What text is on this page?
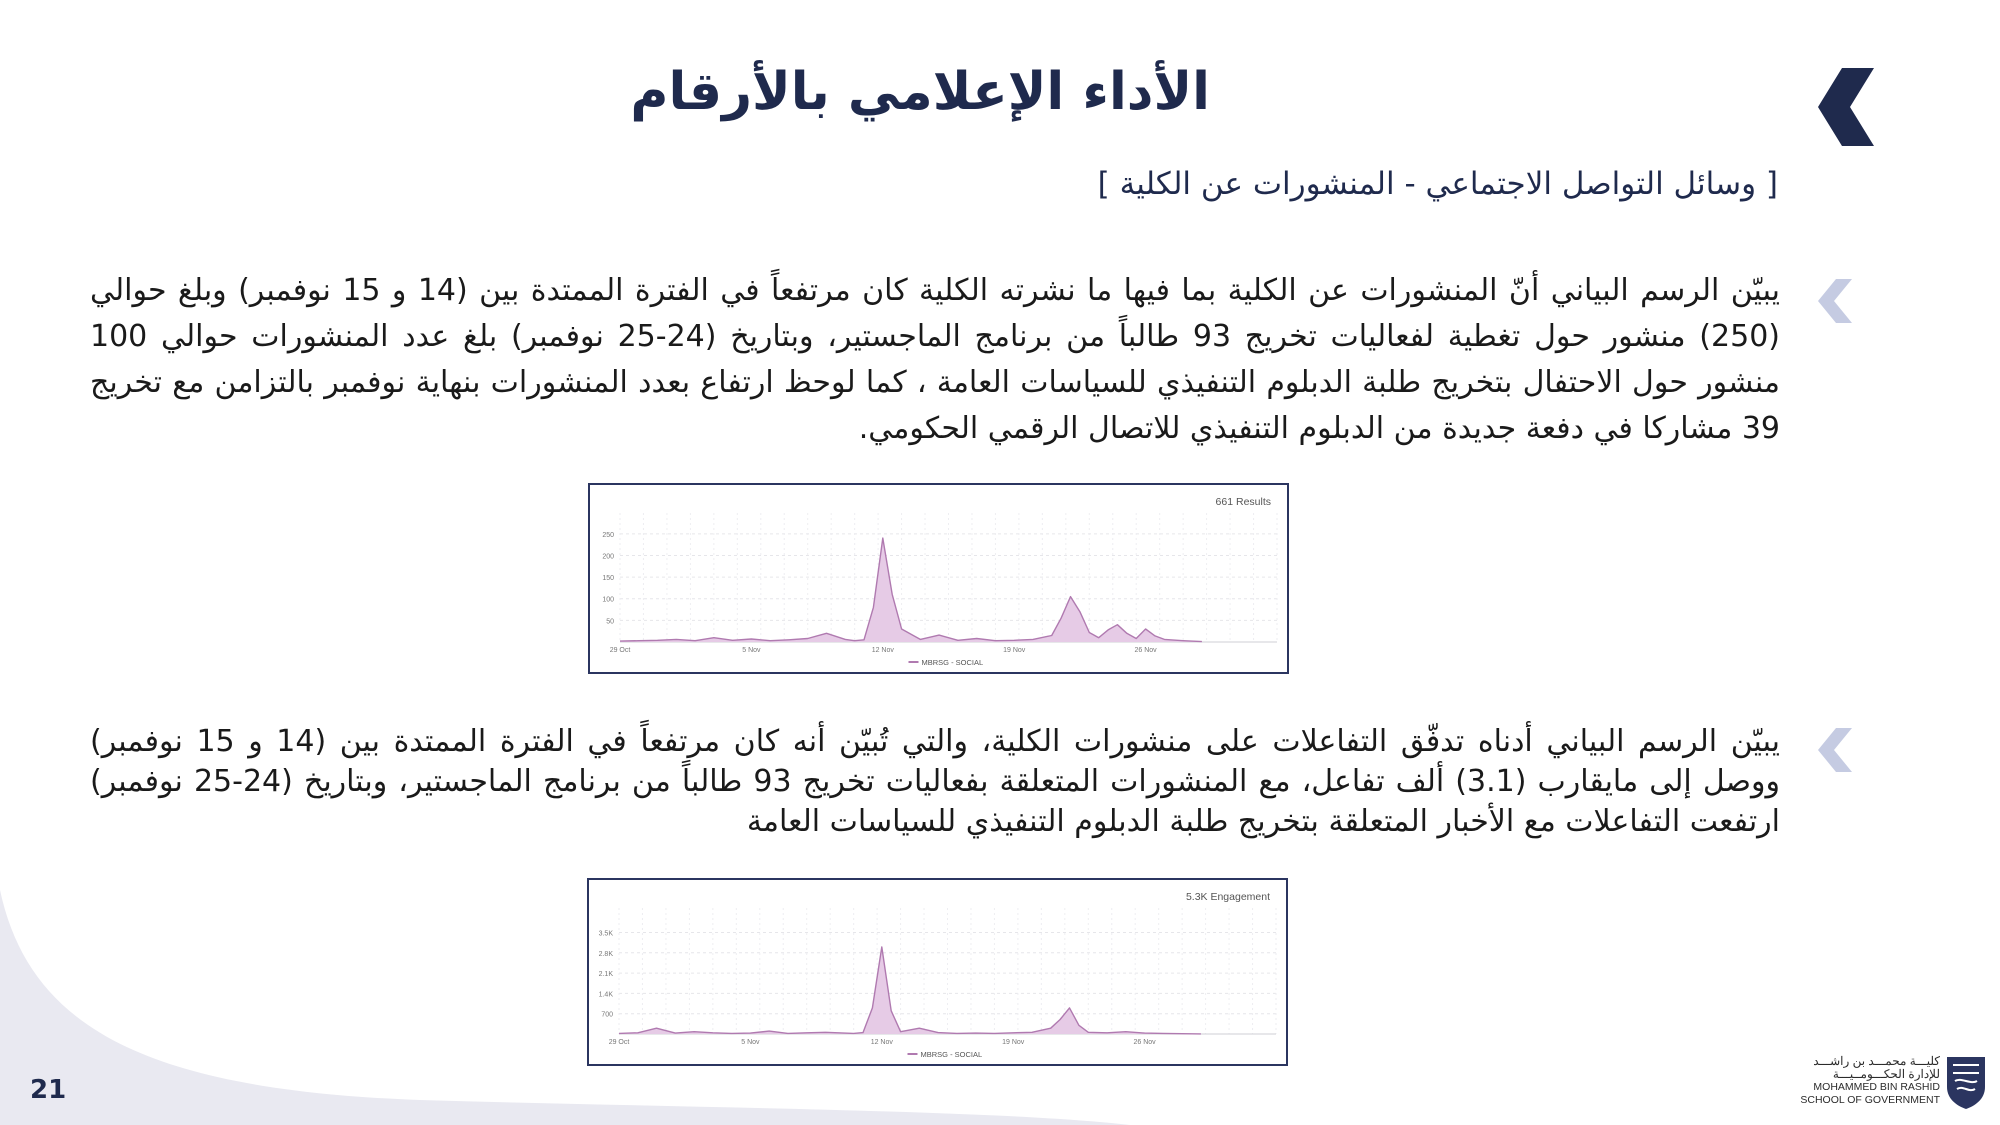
الأداء الإعلامي بالأرقام
[ وسائل التواصل الاجتماعي - المنشورات عن الكلية ]
يبيّن الرسم البياني أنّ المنشورات عن الكلية بما فيها ما نشرته الكلية كان مرتفعاً في الفترة الممتدة بين (14 و 15 نوفمبر) وبلغ حوالي (250) منشور حول تغطية لفعاليات تخريج 93 طالباً من برنامج الماجستير، وبتاريخ (24-25 نوفمبر) بلغ عدد المنشورات حوالي 100 منشور حول الاحتفال بتخريج طلبة الدبلوم التنفيذي للسياسات العامة ، كما لوحظ ارتفاع بعدد المنشورات بنهاية نوفمبر بالتزامن مع تخريج 39 مشاركا في دفعة جديدة من الدبلوم التنفيذي للاتصال الرقمي الحكومي.
250
200
150
100
50
29 Oct	5 Nov	12 Nov	19 Nov	26 Nov
661 Results
MBRSG - SOCIAL
يبيّن الرسم البياني أدناه تدفّق التفاعلات على منشورات الكلية، والتي تُبيّن أنه كان مرتفعاً في الفترة الممتدة بين (14 و 15 نوفمبر) ووصل إلى مايقارب (3.1) ألف تفاعل، مع المنشورات المتعلقة بفعاليات تخريج 93 طالباً من برنامج الماجستير، وبتاريخ (24-25 نوفمبر) ارتفعت التفاعلات مع الأخبار المتعلقة بتخريج طلبة الدبلوم التنفيذي للسياسات العامة
3.5K
2.8K
2.1K
1.4K
700
29 Oct	5 Nov	12 Nov	19 Nov	26 Nov
5.3K Engagement
MBRSG - SOCIAL
21
كليـــة محمـــد بن راشـــد
للإدارة الحكـــومــيـــة
MOHAMMED BIN RASHID
SCHOOL OF GOVERNMENT
